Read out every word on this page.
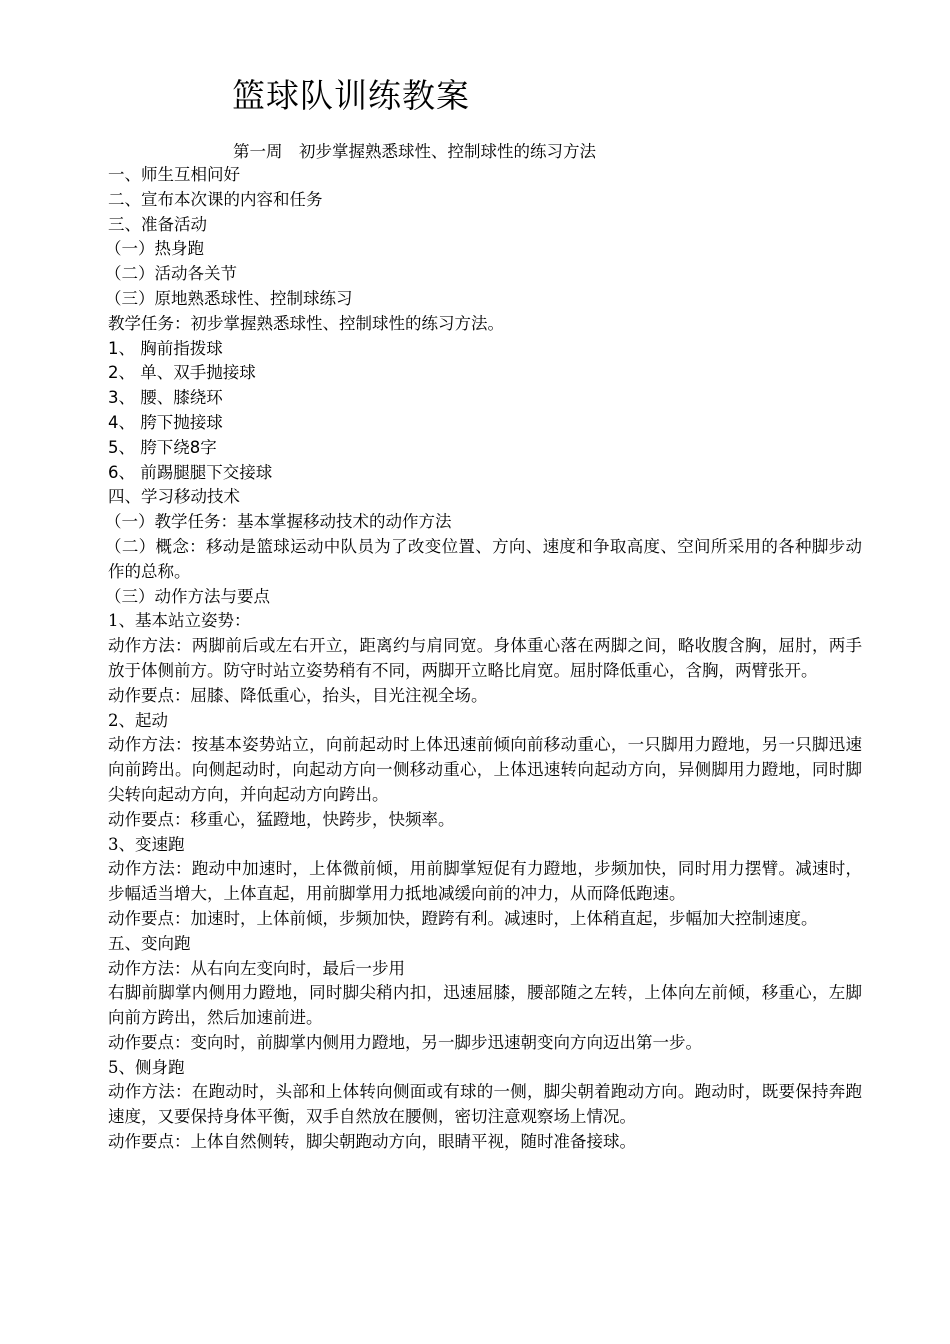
篮球队训练教案
第一周　初步掌握熟悉球性、控制球性的练习方法

一、师生互相问好

二、宣布本次课的内容和任务

三、准备活动

（一）热身跑

（二）活动各关节

（三）原地熟悉球性、控制球练习

教学任务：初步掌握熟悉球性、控制球性的练习方法。

1、 胸前指拨球

2、 单、双手抛接球

3、 腰、膝绕环

4、 胯下抛接球

5、 胯下绕8字

6、 前踢腿腿下交接球

四、学习移动技术

（一）教学任务：基本掌握移动技术的动作方法

（二）概念：移动是篮球运动中队员为了改变位置、方向、速度和争取高度、空间所采用的各种脚步动作的总称。

（三）动作方法与要点

1、基本站立姿势：

动作方法：两脚前后或左右开立，距离约与肩同宽。身体重心落在两脚之间，略收腹含胸，屈肘，两手放于体侧前方。防守时站立姿势稍有不同，两脚开立略比肩宽。屈肘降低重心，含胸，两臂张开。

动作要点：屈膝、降低重心，抬头，目光注视全场。

2、起动

动作方法：按基本姿势站立，向前起动时上体迅速前倾向前移动重心，一只脚用力蹬地，另一只脚迅速向前跨出。向侧起动时，向起动方向一侧移动重心，上体迅速转向起动方向，异侧脚用力蹬地，同时脚尖转向起动方向，并向起动方向跨出。

动作要点：移重心，猛蹬地，快跨步，快频率。

3、变速跑

动作方法：跑动中加速时，上体微前倾，用前脚掌短促有力蹬地，步频加快，同时用力摆臂。减速时，步幅适当增大，上体直起，用前脚掌用力抵地减缓向前的冲力，从而降低跑速。

动作要点：加速时，上体前倾，步频加快，蹬跨有利。减速时，上体稍直起，步幅加大控制速度。

五、变向跑

动作方法：从右向左变向时，最后一步用

右脚前脚掌内侧用力蹬地，同时脚尖稍内扣，迅速屈膝，腰部随之左转，上体向左前倾，移重心，左脚向前方跨出，然后加速前进。

动作要点：变向时，前脚掌内侧用力蹬地，另一脚步迅速朝变向方向迈出第一步。

5、侧身跑

动作方法：在跑动时，头部和上体转向侧面或有球的一侧，脚尖朝着跑动方向。跑动时，既要保持奔跑速度，又要保持身体平衡，双手自然放在腰侧，密切注意观察场上情况。

动作要点：上体自然侧转，脚尖朝跑动方向，眼睛平视，随时准备接球。
